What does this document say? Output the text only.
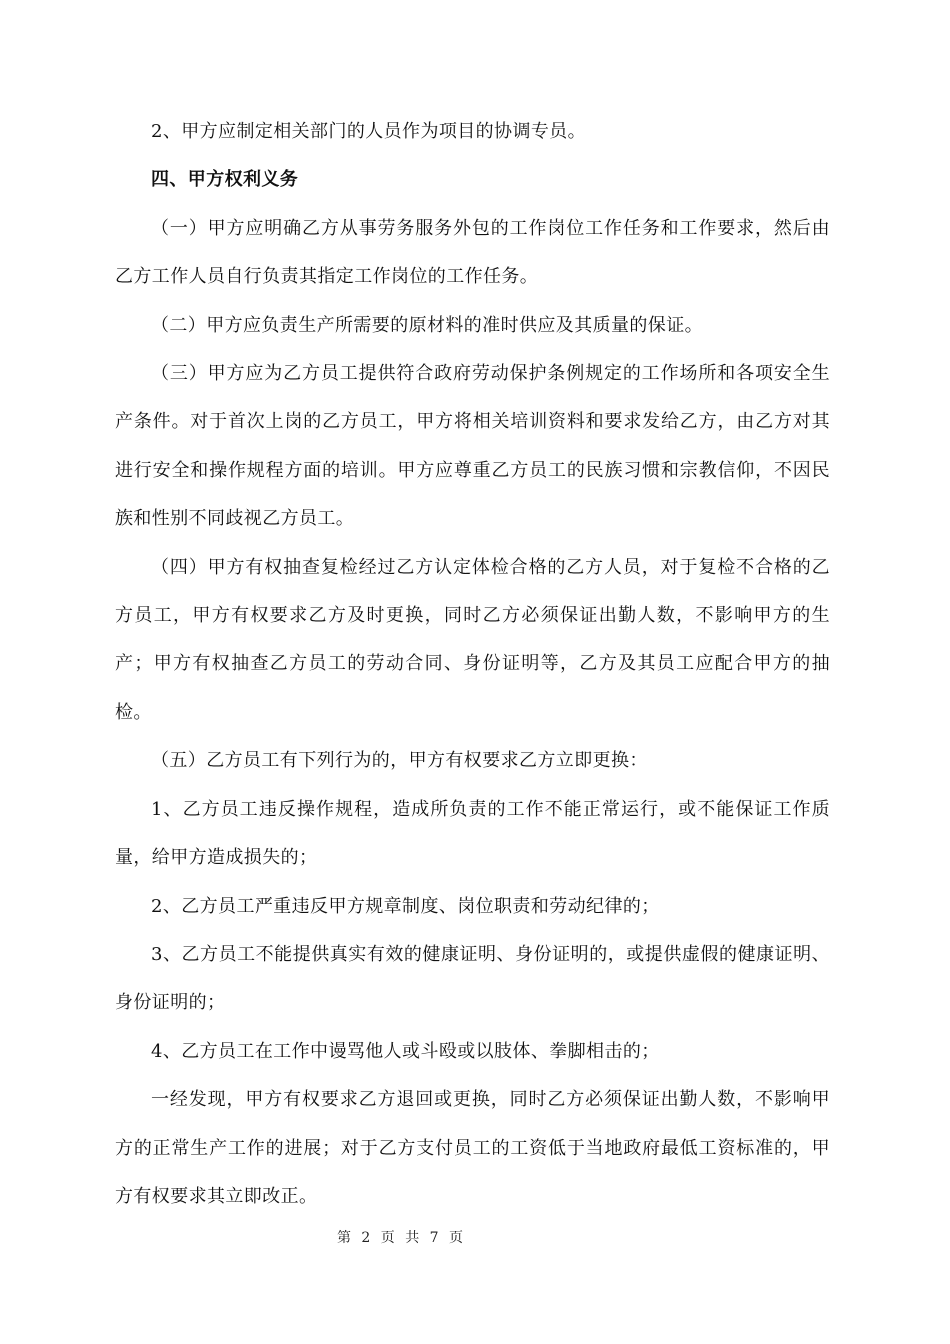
2、甲方应制定相关部门的人员作为项目的协调专员。

四、甲方权利义务

（一）甲方应明确乙方从事劳务服务外包的工作岗位工作任务和工作要求，然后由乙方工作人员自行负责其指定工作岗位的工作任务。

（二）甲方应负责生产所需要的原材料的准时供应及其质量的保证。

（三）甲方应为乙方员工提供符合政府劳动保护条例规定的工作场所和各项安全生产条件。对于首次上岗的乙方员工，甲方将相关培训资料和要求发给乙方，由乙方对其进行安全和操作规程方面的培训。甲方应尊重乙方员工的民族习惯和宗教信仰，不因民族和性别不同歧视乙方员工。

（四）甲方有权抽查复检经过乙方认定体检合格的乙方人员，对于复检不合格的乙方员工，甲方有权要求乙方及时更换，同时乙方必须保证出勤人数，不影响甲方的生产；甲方有权抽查乙方员工的劳动合同、身份证明等，乙方及其员工应配合甲方的抽检。

（五）乙方员工有下列行为的，甲方有权要求乙方立即更换：

1、乙方员工违反操作规程，造成所负责的工作不能正常运行，或不能保证工作质量，给甲方造成损失的；

2、乙方员工严重违反甲方规章制度、岗位职责和劳动纪律的；

3、乙方员工不能提供真实有效的健康证明、身份证明的，或提供虚假的健康证明、身份证明的；

4、乙方员工在工作中谩骂他人或斗殴或以肢体、拳脚相击的；

一经发现，甲方有权要求乙方退回或更换，同时乙方必须保证出勤人数，不影响甲方的正常生产工作的进展；对于乙方支付员工的工资低于当地政府最低工资标准的，甲方有权要求其立即改正。

第 2 页 共 7 页
